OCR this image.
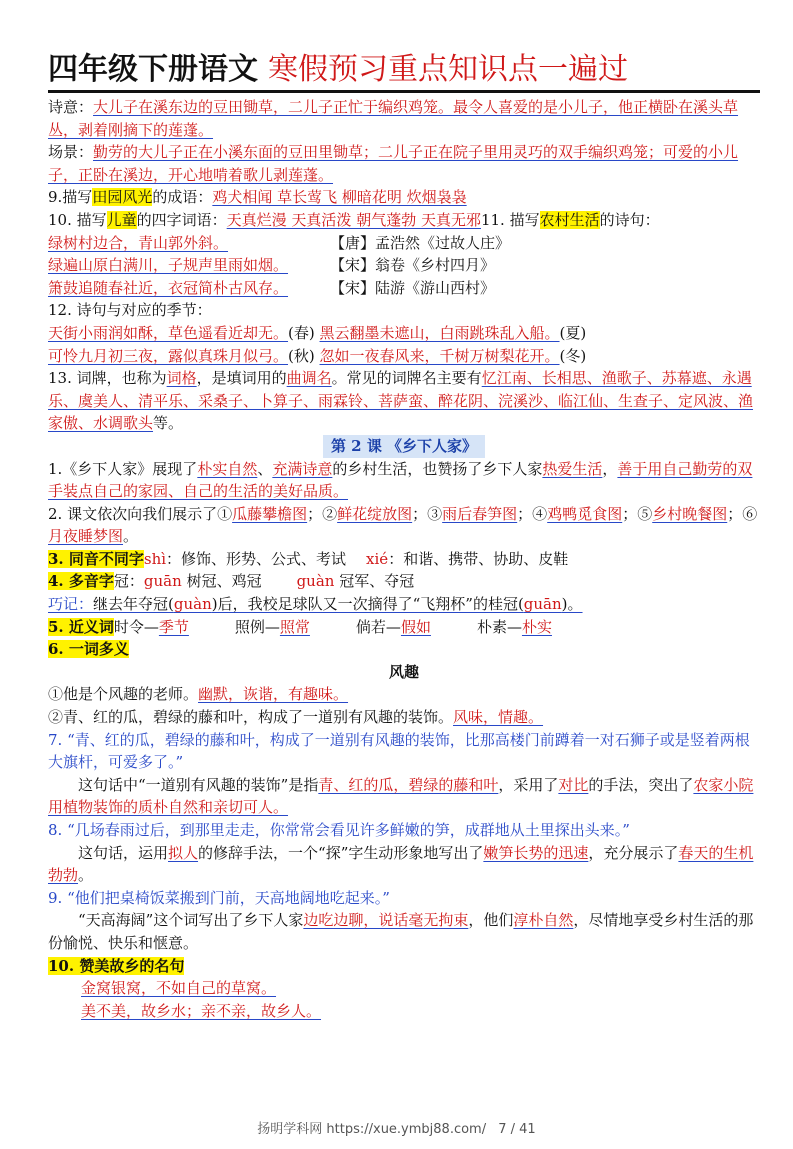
四年级下册语文 寒假预习重点知识点一遍过

诗意：大儿子在溪东边的豆田锄草，二儿子正忙于编织鸡笼。最令人喜爱的是小儿子，他正横卧在溪头草丛，剥着刚摘下的莲蓬。

场景：勤劳的大儿子正在小溪东面的豆田里锄草；二儿子正在院子里用灵巧的双手编织鸡笼；可爱的小儿子，正卧在溪边，开心地啃着歌儿剥莲蓬。

9.描写田园风光的成语：鸡犬相闻 草长莺飞 柳暗花明 炊烟袅袅

10. 描写儿童的四字词语：天真烂漫 天真活泼 朝气蓬勃 天真无邪11. 描写农村生活的诗句：

绿树村边合，青山郭外斜。	【唐】孟浩然《过故人庄》

绿遍山原白满川，子规声里雨如烟。	【宋】翁卷《乡村四月》

箫鼓追随春社近，衣冠简朴古风存。	【宋】陆游《游山西村》

12. 诗句与对应的季节：

天街小雨润如酥，草色遥看近却无。(春) 黑云翻墨未遮山，白雨跳珠乱入船。(夏)

可怜九月初三夜，露似真珠月似弓。(秋) 忽如一夜春风来，千树万树梨花开。(冬)

13. 词牌，也称为词格，是填词用的曲调名。常见的词牌名主要有忆江南、长相思、渔歌子、苏幕遮、永遇乐、虞美人、清平乐、采桑子、卜算子、雨霖铃、菩萨蛮、醉花阴、浣溪沙、临江仙、生查子、定风波、渔家傲、水调歌头等。

第 2 课 《乡下人家》

1.《乡下人家》展现了朴实自然、充满诗意的乡村生活，也赞扬了乡下人家热爱生活，善于用自己勤劳的双手装点自己的家园、自己的生活的美好品质。

2. 课文依次向我们展示了①瓜藤攀檐图；②鲜花绽放图；③雨后春笋图；④鸡鸭觅食图；⑤乡村晚餐图；⑥月夜睡梦图。

3. 同音不同字shì：修饰、形势、公式、考试 xié：和谐、携带、协助、皮鞋

4. 多音字冠：guān 树冠、鸡冠 guàn 冠军、夺冠

巧记：继去年夺冠(guàn)后，我校足球队又一次摘得了“飞翔杯”的桂冠(guān)。

5. 近义词时令—季节	照例—照常	倘若—假如	朴素—朴实

6. 一词多义

风趣

①他是个风趣的老师。幽默，诙谐，有趣味。

②青、红的瓜，碧绿的藤和叶，构成了一道别有风趣的装饰。风味，情趣。

7. “青、红的瓜，碧绿的藤和叶，构成了一道别有风趣的装饰，比那高楼门前蹲着一对石狮子或是竖着两根大旗杆，可爱多了。”

这句话中“一道别有风趣的装饰”是指青、红的瓜，碧绿的藤和叶，采用了对比的手法，突出了农家小院用植物装饰的质朴自然和亲切可人。

8. “几场春雨过后，到那里走走，你常常会看见许多鲜嫩的笋，成群地从土里探出头来。”

这句话，运用拟人的修辞手法，一个“探”字生动形象地写出了嫩笋长势的迅速，充分展示了春天的生机勃勃。

9. “他们把桌椅饭菜搬到门前，天高地阔地吃起来。”

“天高海阔”这个词写出了乡下人家边吃边聊，说话毫无拘束，他们淳朴自然，尽情地享受乡村生活的那份愉悦、快乐和惬意。

10. 赞美故乡的名句

金窝银窝，不如自己的草窝。

美不美，故乡水；亲不亲，故乡人。

扬明学科网 https://xue.ymbj88.com/ 7 / 41
